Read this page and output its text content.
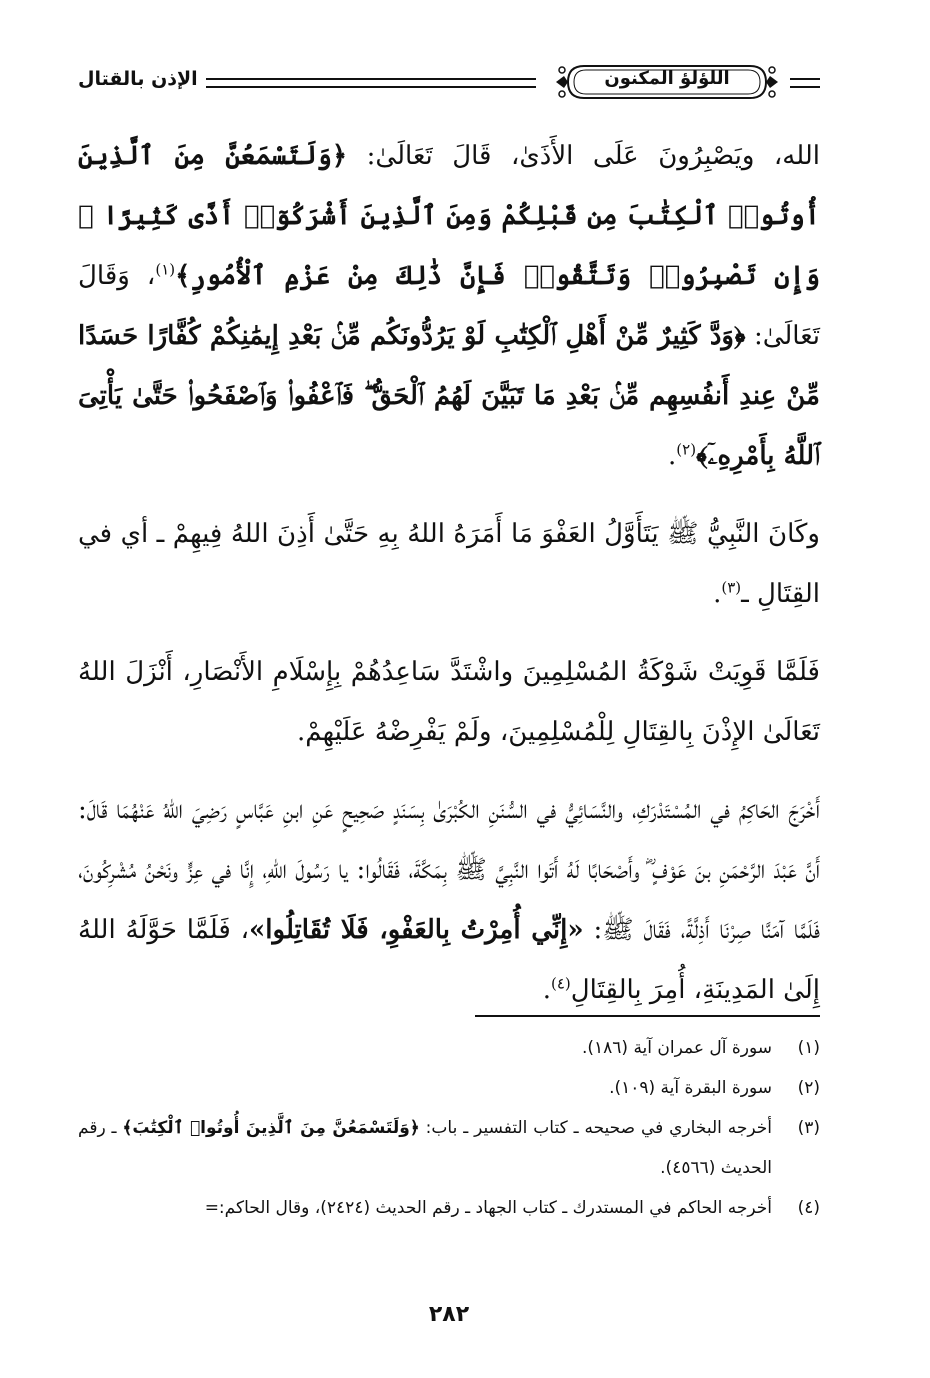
الإذن بالقتال	اللؤلؤ المكنون

الله، ويَصْبِرُونَ عَلَى الأَذَىٰ، قَالَ تَعَالَىٰ: ﴿وَلَتَسْمَعُنَّ مِنَ ٱلَّذِينَ أُوتُوا۟ ٱلْكِتَٰبَ مِن قَبْلِكُمْ وَمِنَ ٱلَّذِينَ أَشْرَكُوٓا۟ أَذًى كَثِيرًا ۚ وَإِن تَصْبِرُوا۟ وَتَتَّقُوا۟ فَإِنَّ ذَٰلِكَ مِنْ عَزْمِ ٱلْأُمُورِ﴾$^{(١)}$، وَقَالَ تَعَالَىٰ: ﴿وَدَّ كَثِيرٌ مِّنْ أَهْلِ ٱلْكِتَٰبِ لَوْ يَرُدُّونَكُم مِّنۢ بَعْدِ إِيمَٰنِكُمْ كُفَّارًا حَسَدًا مِّنْ عِندِ أَنفُسِهِم مِّنۢ بَعْدِ مَا تَبَيَّنَ لَهُمُ ٱلْحَقُّ ۖ فَٱعْفُوا۟ وَٱصْفَحُوا۟ حَتَّىٰ يَأْتِىَ ٱللَّهُ بِأَمْرِهِۦٓ﴾$^{(٢)}$.

وكَانَ النَّبِيُّ ﷺ يَتَأَوَّلُ العَفْوَ مَا أَمَرَهُ اللهُ بِهِ حَتَّىٰ أَذِنَ اللهُ فِيهِمْ ـ أي في القِتَالِ ـ$^{(٣)}$.

فَلَمَّا قَوِيَتْ شَوْكَةُ المُسْلِمِينَ واشْتَدَّ سَاعِدُهُمْ بِإِسْلَامِ الأَنْصَارِ، أَنْزَلَ اللهُ تَعَالَىٰ الإِذْنَ بِالقِتَالِ لِلْمُسْلِمِينَ، ولَمْ يَفْرِضْهُ عَلَيْهِمْ.

أَخْرَجَ الحَاكِمُ في المُسْتَدْرَكِ، والنَّسَائِيُّ في السُّنَنِ الكُبْرَىٰ بِسَنَدٍ صَحِيحٍ عَنِ ابنِ عَبَّاسٍ رَضِيَ اللهُ عَنْهُمَا قَالَ: أَنَّ عَبْدَ الرَّحْمَنِ بنَ عَوْفٍ ؓ وأَصْحَابًا لَهُ أَتَوا النَّبِيَّ ﷺ بِمَكَّةَ، فَقَالُوا: يا رَسُولَ اللهِ، إِنَّا في عِزٍّ ونَحْنُ مُشْرِكُونَ، فَلَمَّا آمَنَّا صِرْنَا أَذِلَّةً، فَقَالَ ﷺ: «إِنِّي أُمِرْتُ بِالعَفْوِ، فَلَا تُقَاتِلُوا»، فَلَمَّا حَوَّلَهُ اللهُ إِلَىٰ المَدِينَةِ، أُمِرَ بِالقِتَالِ$^{(٤)}$.

(١)
سورة آل عمران آية (١٨٦).
(٢)
سورة البقرة آية (١٠٩).
(٣)
أخرجه البخاري في صحيحه ـ كتاب التفسير ـ باب: ﴿وَلَتَسْمَعُنَّ مِنَ ٱلَّذِينَ أُوتُوا۟ ٱلْكِتَٰبَ﴾ ـ رقم الحديث (٤٥٦٦).
(٤)
أخرجه الحاكم في المستدرك ـ كتاب الجهاد ـ رقم الحديث (٢٤٢٤)، وقال الحاكم:=
٢٨٢
